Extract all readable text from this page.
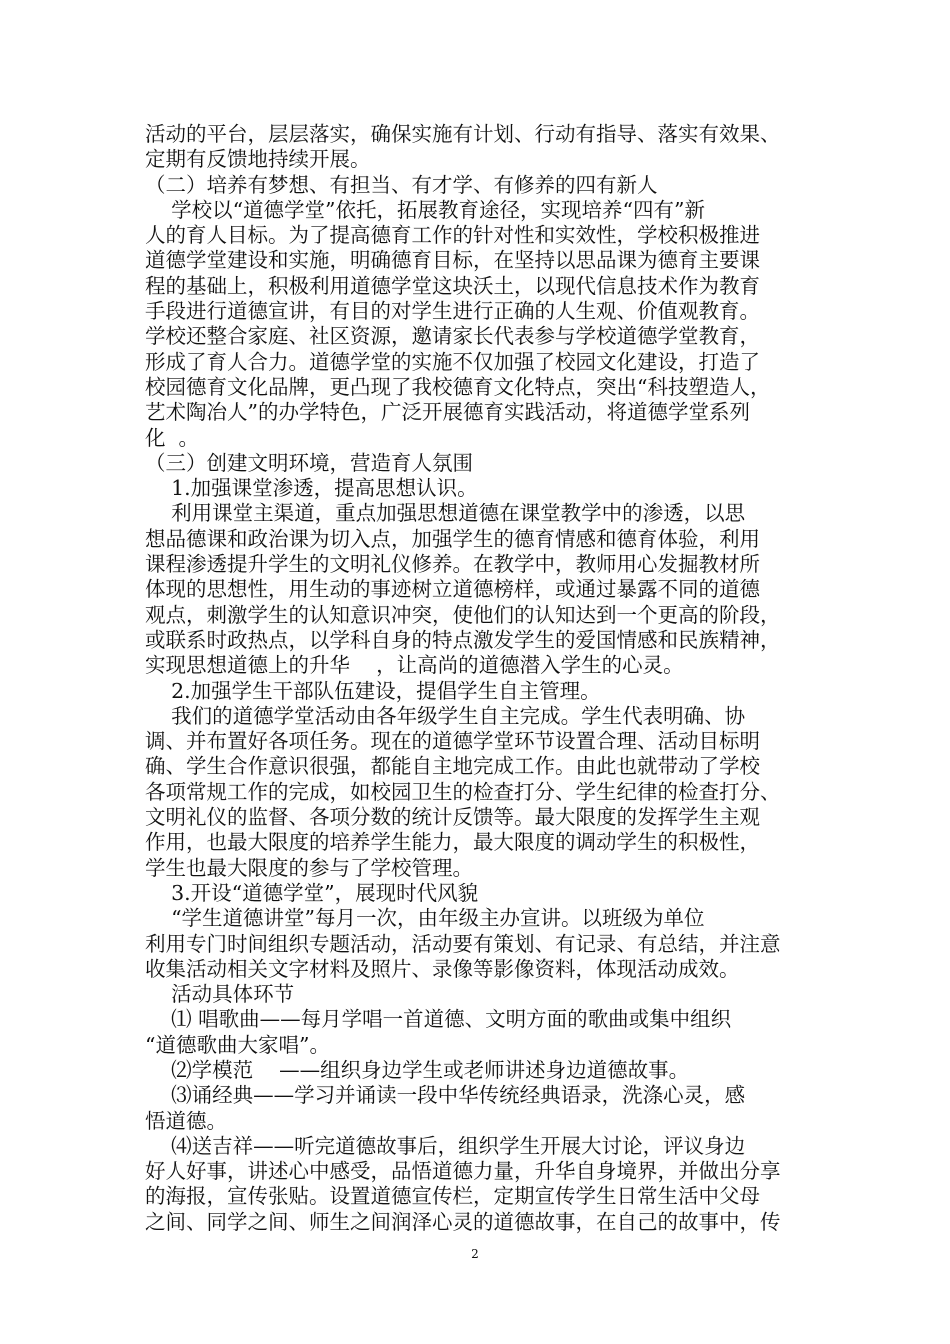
活动的平台，层层落实，确保实施有计划、行动有指导、落实有效果、
定期有反馈地持续开展。
（二）培养有梦想、有担当、有才学、有修养的四有新人
学校以“道德学堂”依托，拓展教育途径，实现培养“四有”新
人的育人目标。为了提高德育工作的针对性和实效性，学校积极推进
道德学堂建设和实施，明确德育目标，在坚持以思品课为德育主要课
程的基础上，积极利用道德学堂这块沃土，以现代信息技术作为教育
手段进行道德宣讲，有目的对学生进行正确的人生观、价值观教育。
学校还整合家庭、社区资源，邀请家长代表参与学校道德学堂教育，
形成了育人合力。道德学堂的实施不仅加强了校园文化建设，打造了
校园德育文化品牌，更凸现了我校德育文化特点，突出“科技塑造人，
艺术陶冶人”的办学特色，广泛开展德育实践活动，将道德学堂系列
化  。
（三）创建文明环境，营造育人氛围
1.加强课堂渗透，提高思想认识。
利用课堂主渠道，重点加强思想道德在课堂教学中的渗透，以思
想品德课和政治课为切入点，加强学生的德育情感和德育体验，利用
课程渗透提升学生的文明礼仪修养。在教学中，教师用心发掘教材所
体现的思想性，用生动的事迹树立道德榜样，或通过暴露不同的道德
观点，刺激学生的认知意识冲突，使他们的认知达到一个更高的阶段，
或联系时政热点，以学科自身的特点激发学生的爱国情感和民族精神，
实现思想道德上的升华    ，让高尚的道德潜入学生的心灵。
2.加强学生干部队伍建设，提倡学生自主管理。
我们的道德学堂活动由各年级学生自主完成。学生代表明确、协
调、并布置好各项任务。现在的道德学堂环节设置合理、活动目标明
确、学生合作意识很强，都能自主地完成工作。由此也就带动了学校
各项常规工作的完成，如校园卫生的检查打分、学生纪律的检查打分、
文明礼仪的监督、各项分数的统计反馈等。最大限度的发挥学生主观
作用，也最大限度的培养学生能力，最大限度的调动学生的积极性，
学生也最大限度的参与了学校管理。
3.开设“道德学堂”，展现时代风貌
“学生道德讲堂”每月一次，由年级主办宣讲。以班级为单位
利用专门时间组织专题活动，活动要有策划、有记录、有总结，并注意
收集活动相关文字材料及照片、录像等影像资料，体现活动成效。
活动具体环节
⑴ 唱歌曲——每月学唱一首道德、文明方面的歌曲或集中组织
“道德歌曲大家唱”。
⑵学模范    ——组织身边学生或老师讲述身边道德故事。
⑶诵经典——学习并诵读一段中华传统经典语录，洗涤心灵，感
悟道德。
⑷送吉祥——听完道德故事后，组织学生开展大讨论，评议身边
好人好事，讲述心中感受，品悟道德力量，升华自身境界，并做出分享
的海报，宣传张贴。设置道德宣传栏，定期宣传学生日常生活中父母
之间、同学之间、师生之间润泽心灵的道德故事，在自己的故事中，传
2
